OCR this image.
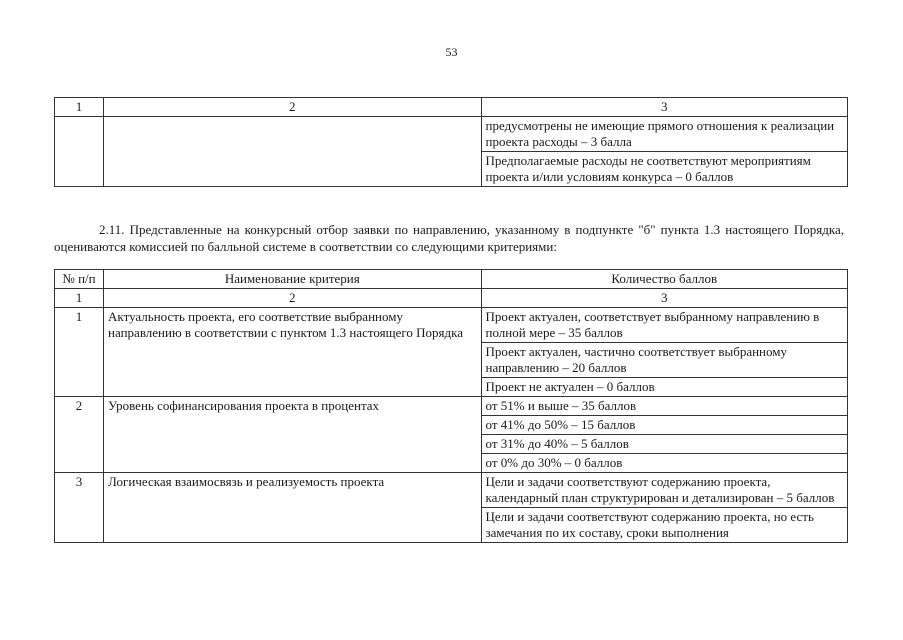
53
1	2	3
		предусмотрены не имеющие прямого отношения к реализации проекта расходы – 3 балла
		Предполагаемые расходы не соответствуют мероприятиям проекта и/или условиям конкурса – 0 баллов
2.11. Представленные на конкурсный отбор заявки по направлению, указанному в подпункте "б" пункта 1.3 настоящего Порядка, оцениваются комиссией по балльной системе в соответствии со следующими критериями:
№ п/п	Наименование критерия	Количество баллов
1	2	3
1	Актуальность проекта, его соответствие выбранному направлению в соответствии с пунктом 1.3 настоящего Порядка	Проект актуален, соответствует выбранному направлению в полной мере – 35 баллов
		Проект актуален, частично соответствует выбранному направлению – 20 баллов
		Проект не актуален – 0 баллов
2	Уровень софинансирования проекта в процентах	от 51% и выше – 35 баллов
		от 41% до 50% – 15 баллов
		от 31% до 40% – 5 баллов
		от 0% до 30% – 0 баллов
3	Логическая взаимосвязь и реализуемость проекта	Цели и задачи соответствуют содержанию проекта, календарный план структурирован и детализирован – 5 баллов
		Цели и задачи соответствуют содержанию проекта, но есть замечания по их составу, сроки выполнения
